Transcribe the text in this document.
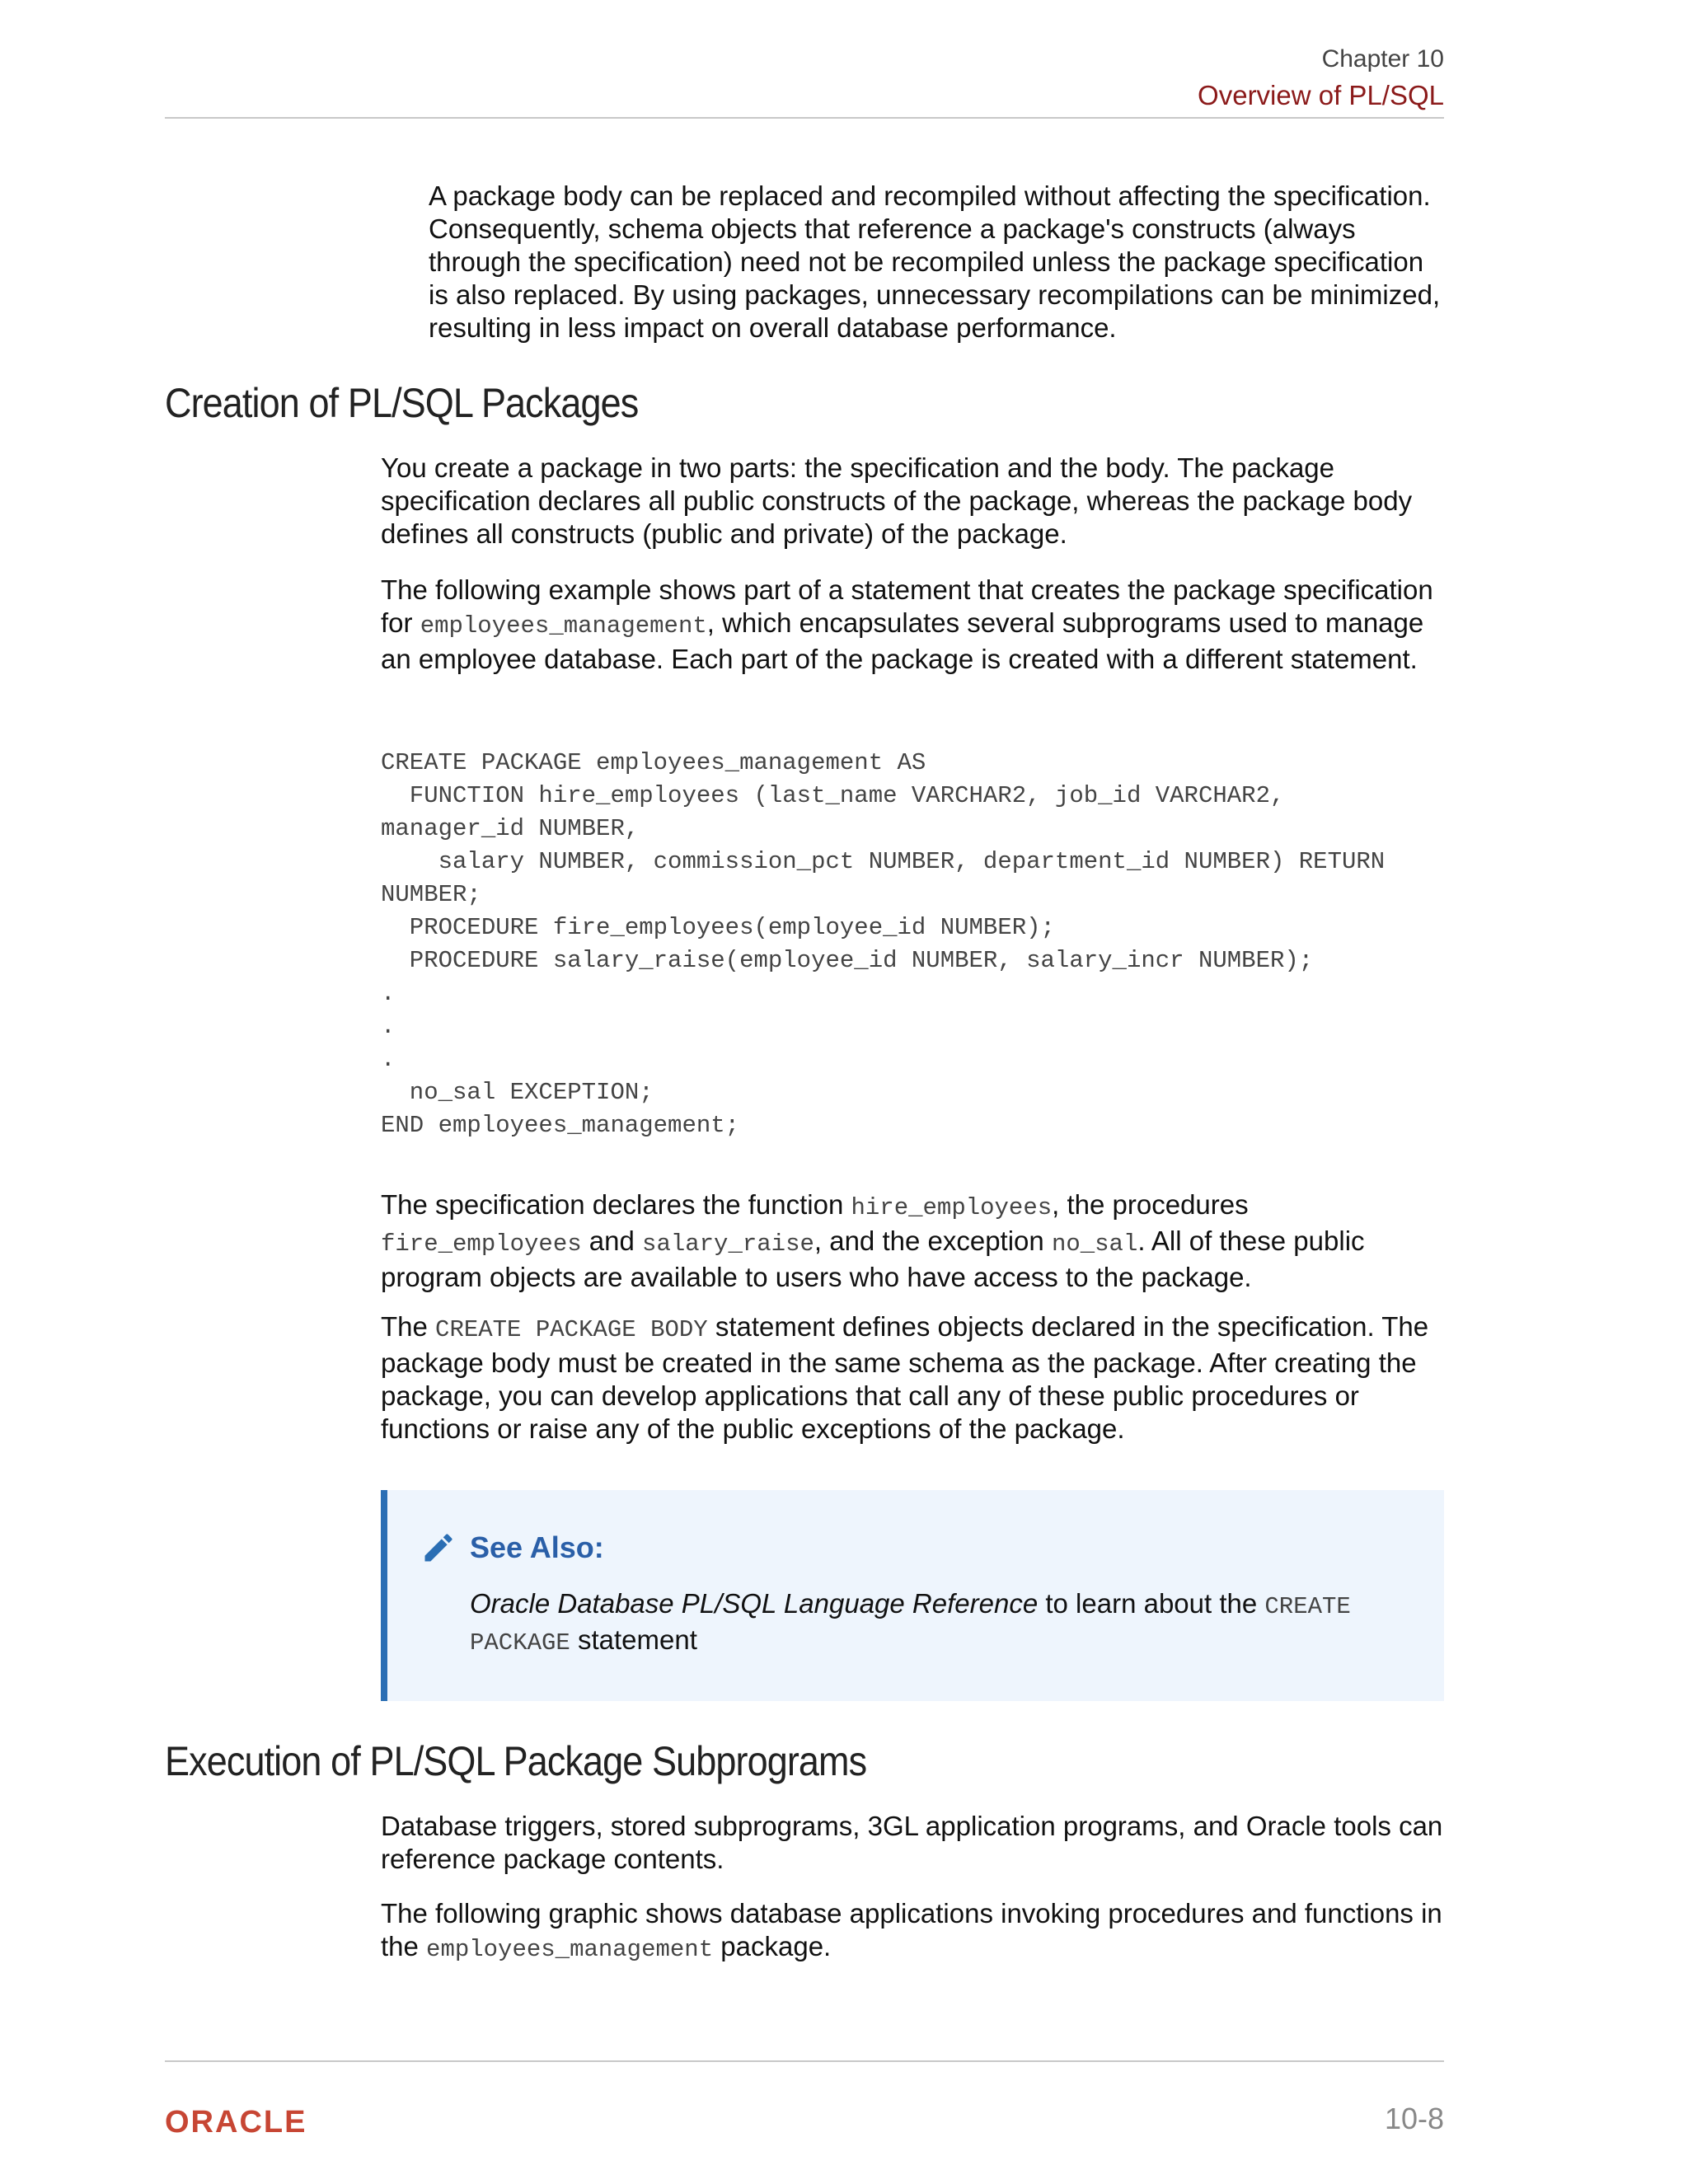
Chapter 10
Overview of PL/SQL

A package body can be replaced and recompiled without affecting the specification. Consequently, schema objects that reference a package's constructs (always through the specification) need not be recompiled unless the package specification is also replaced. By using packages, unnecessary recompilations can be minimized, resulting in less impact on overall database performance.

Creation of PL/SQL Packages

You create a package in two parts: the specification and the body. The package specification declares all public constructs of the package, whereas the package body defines all constructs (public and private) of the package.

The following example shows part of a statement that creates the package specification for employees_management, which encapsulates several subprograms used to manage an employee database. Each part of the package is created with a different statement.

CREATE PACKAGE employees_management AS
FUNCTION hire_employees (last_name VARCHAR2, job_id VARCHAR2,
manager_id NUMBER,
salary NUMBER, commission_pct NUMBER, department_id NUMBER) RETURN
NUMBER;
PROCEDURE fire_employees(employee_id NUMBER);
PROCEDURE salary_raise(employee_id NUMBER, salary_incr NUMBER);
.
.
.
no_sal EXCEPTION;
END employees_management;

The specification declares the function hire_employees, the procedures fire_employees and salary_raise, and the exception no_sal. All of these public program objects are available to users who have access to the package.

The CREATE PACKAGE BODY statement defines objects declared in the specification. The package body must be created in the same schema as the package. After creating the package, you can develop applications that call any of these public procedures or functions or raise any of the public exceptions of the package.

See Also:

Oracle Database PL/SQL Language Reference to learn about the CREATE PACKAGE statement

Execution of PL/SQL Package Subprograms

Database triggers, stored subprograms, 3GL application programs, and Oracle tools can reference package contents.

The following graphic shows database applications invoking procedures and functions in the employees_management package.

ORACLE	10-8
